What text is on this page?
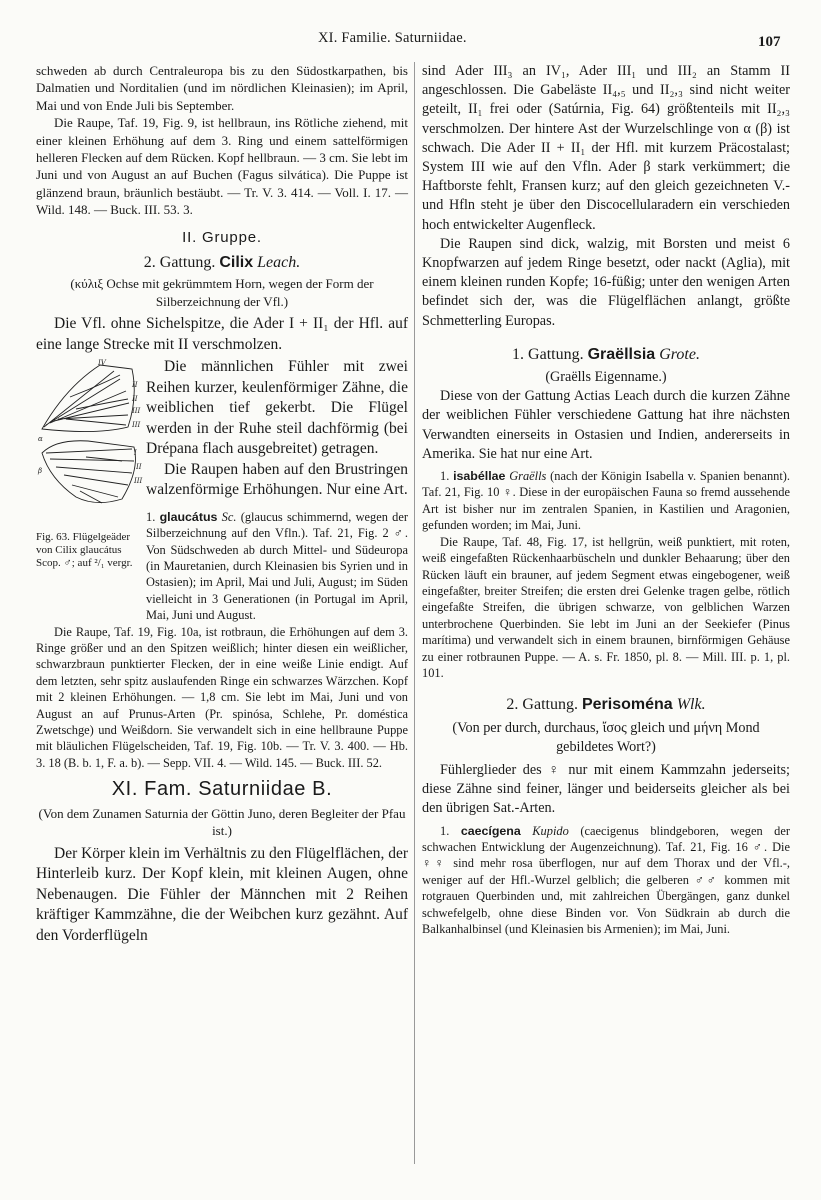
XI. Familie. Saturniidae.	107

schweden ab durch Centraleuropa bis zu den Südostkarpathen, bis Dalmatien und Norditalien (und im nördlichen Kleinasien); im April, Mai und von Ende Juli bis September.

Die Raupe, Taf. 19, Fig. 9, ist hellbraun, ins Rötliche ziehend, mit einer kleinen Erhöhung auf dem 3. Ring und einem sattelförmigen helleren Flecken auf dem Rücken. Kopf hellbraun. — 3 cm. Sie lebt im Juni und von August an auf Buchen (Fagus silvática). Die Puppe ist glänzend braun, bräunlich bestäubt. — Tr. V. 3. 414. — Voll. I. 17. — Wild. 148. — Buck. III. 53. 3.

II. Gruppe.
2. Gattung. Cilix Leach.

(κύλιξ Ochse mit gekrümmtem Horn, wegen der Form der Silberzeichnung der Vfl.)

Die Vfl. ohne Sichelspitze, die Ader I + II₁ der Hfl. auf eine lange Strecke mit II verschmolzen.

IV
II
II
III
III
α
I
II
III
β
Fig. 63. Flügelgeäder von Cilix glaucátus Scop. ♂; auf ²/₁ vergr.

Die männlichen Fühler mit zwei Reihen kurzer, keulenförmiger Zähne, die weiblichen tief gekerbt. Die Flügel werden in der Ruhe steil dachförmig (bei Drépana flach ausgebreitet) getragen.

Die Raupen haben auf den Brustringen walzenförmige Erhöhungen. Nur eine Art.

1. glaucátus Sc. (glaucus schimmernd, wegen der Silberzeichnung auf den Vfln.). Taf. 21, Fig. 2 ♂. Von Südschweden ab durch Mittel- und Südeuropa (in Mauretanien, durch Kleinasien bis Syrien und in Ostasien); im April, Mai und Juli, August; im Süden vielleicht in 3 Generationen (in Portugal im April, Mai, Juni und August.

Die Raupe, Taf. 19, Fig. 10a, ist rotbraun, die Erhöhungen auf dem 3. Ringe größer und an den Spitzen weißlich; hinter diesen ein weißlicher, schwarzbraun punktierter Flecken, der in eine weiße Linie endigt. Auf dem letzten, sehr spitz auslaufenden Ringe ein schwarzes Wärzchen. Kopf mit 2 kleinen Erhöhungen. — 1,8 cm. Sie lebt im Mai, Juni und von August an auf Prunus-Arten (Pr. spinósa, Schlehe, Pr. doméstica Zwetschge) und Weißdorn. Sie verwandelt sich in eine hellbraune Puppe mit bläulichen Flügelscheiden, Taf. 19, Fig. 10b. — Tr. V. 3. 400. — Hb. 3. 18 (B. b. 1, F. a. b). — Sepp. VII. 4. — Wild. 145. — Buck. III. 52.

XI. Fam. Saturniidae B.

(Von dem Zunamen Saturnia der Göttin Juno, deren Begleiter der Pfau ist.)

Der Körper klein im Verhältnis zu den Flügelflächen, der Hinterleib kurz. Der Kopf klein, mit kleinen Augen, ohne Nebenaugen. Die Fühler der Männchen mit 2 Reihen kräftiger Kammzähne, die der Weibchen kurz gezähnt. Auf den Vorderflügeln

sind Ader III₃ an IV₁, Ader III₁ und III₂ an Stamm II angeschlossen. Die Gabeläste II₄,₅ und II₂,₃ sind nicht weiter geteilt, II₁ frei oder (Satúrnia, Fig. 64) größtenteils mit II₂,₃ verschmolzen. Der hintere Ast der Wurzelschlinge von α (β) ist schwach. Die Ader II + II₁ der Hfl. mit kurzem Präcostalast; System III wie auf den Vfln. Ader β stark verkümmert; die Haftborste fehlt, Fransen kurz; auf den gleich gezeichneten V.- und Hfln steht je über den Discocellularadern ein verschieden hoch entwickelter Augenfleck.

Die Raupen sind dick, walzig, mit Borsten und meist 6 Knopfwarzen auf jedem Ringe besetzt, oder nackt (Aglia), mit einem kleinen runden Kopfe; 16-füßig; unter den wenigen Arten befindet sich der, was die Flügelflächen anlangt, größte Schmetterling Europas.

1. Gattung. Graëllsia Grote.

(Graëlls Eigenname.)

Diese von der Gattung Actias Leach durch die kurzen Zähne der weiblichen Fühler verschiedene Gattung hat ihre nächsten Verwandten einerseits in Ostasien und Indien, andererseits in Amerika. Sie hat nur eine Art.

1. isabéllae Graëlls (nach der Königin Isabella v. Spanien benannt). Taf. 21, Fig. 10 ♀. Diese in der europäischen Fauna so fremd aussehende Art ist bisher nur im zentralen Spanien, in Kastilien und Aragonien, gefunden worden; im Mai, Juni.

Die Raupe, Taf. 48, Fig. 17, ist hellgrün, weiß punktiert, mit roten, weiß eingefaßten Rückenhaarbüscheln und dunkler Behaarung; über den Rücken läuft ein brauner, auf jedem Segment etwas eingebogener, weiß eingefaßter, breiter Streifen; die ersten drei Gelenke tragen gelbe, rötlich eingefaßte Streifen, die übrigen schwarze, von gelblichen Warzen unterbrochene Querbinden. Sie lebt im Juni an der Seekiefer (Pinus marítima) und verwandelt sich in einem braunen, birnförmigen Gehäuse zu einer rotbraunen Puppe. — A. s. Fr. 1850, pl. 8. — Mill. III. p. 1, pl. 101.

2. Gattung. Perisoména Wlk.

(Von per durch, durchaus, ἴσος gleich und μήνη Mond gebildetes Wort?)

Fühlerglieder des ♀ nur mit einem Kammzahn jederseits; diese Zähne sind feiner, länger und beiderseits gleicher als bei den übrigen Sat.-Arten.

1. caecígena Kupido (caecigenus blindgeboren, wegen der schwachen Entwicklung der Augenzeichnung). Taf. 21, Fig. 16 ♂. Die ♀♀ sind mehr rosa überflogen, nur auf dem Thorax und der Vfl.-, weniger auf der Hfl.-Wurzel gelblich; die gelberen ♂♂ kommen mit rotgrauen Querbinden und, mit zahlreichen Übergängen, ganz dunkel schwefelgelb, ohne diese Binden vor. Von Südkrain ab durch die Balkanhalbinsel (und Kleinasien bis Armenien); im Mai, Juni.
